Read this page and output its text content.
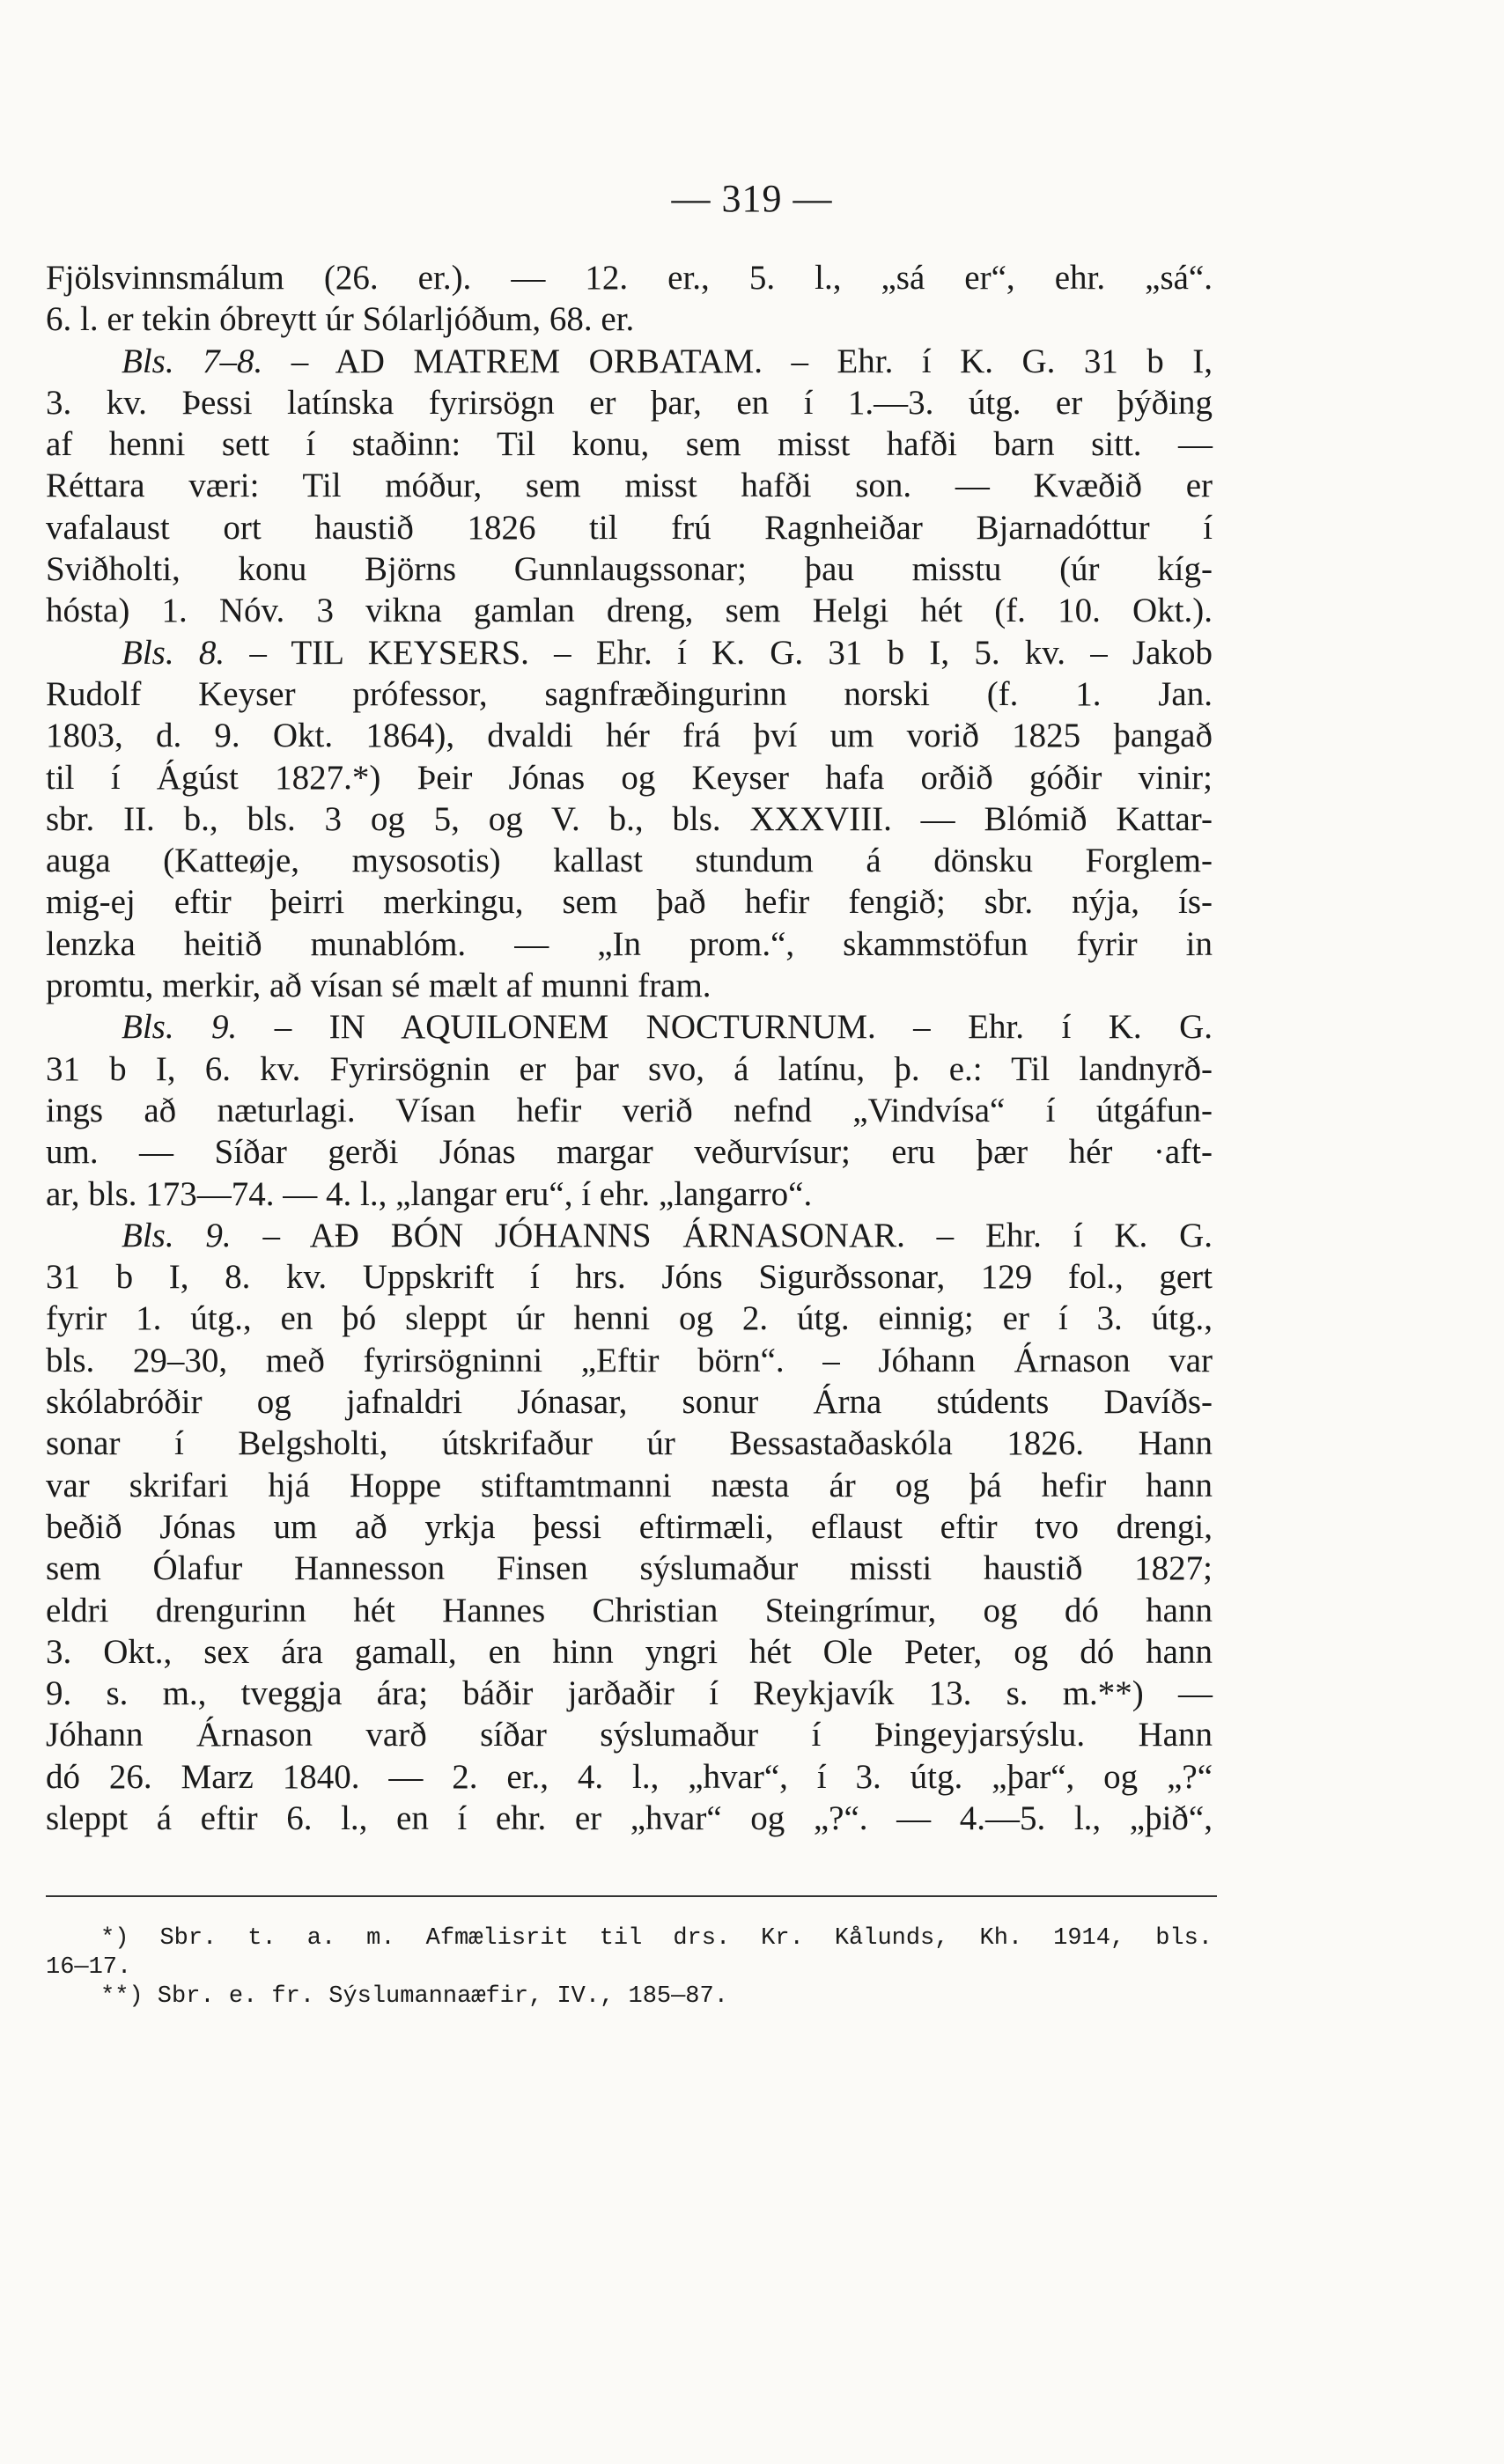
— 319 —
Fjölsvinnsmálum (26. er.). — 12. er., 5. l., „sá er“, ehr. „sá“.
6. l. er tekin óbreytt úr Sólarljóðum, 68. er.
Bls. 7–8. – AD MATREM ORBATAM. – Ehr. í K. G. 31 b I,
3. kv. Þessi latínska fyrirsögn er þar, en í 1.—3. útg. er þýðing
af henni sett í staðinn: Til konu, sem misst hafði barn sitt. —
Réttara væri: Til móður, sem misst hafði son. — Kvæðið er
vafalaust ort haustið 1826 til frú Ragnheiðar Bjarnadóttur í
Sviðholti, konu Björns Gunnlaugssonar; þau misstu (úr kíg-
hósta) 1. Nóv. 3 vikna gamlan dreng, sem Helgi hét (f. 10. Okt.).
Bls. 8. – TIL KEYSERS. – Ehr. í K. G. 31 b I, 5. kv. – Jakob
Rudolf Keyser prófessor, sagnfræðingurinn norski (f. 1. Jan.
1803, d. 9. Okt. 1864), dvaldi hér frá því um vorið 1825 þangað
til í Ágúst 1827.*) Þeir Jónas og Keyser hafa orðið góðir vinir;
sbr. II. b., bls. 3 og 5, og V. b., bls. XXXVIII. — Blómið Kattar-
auga (Katteøje, mysosotis) kallast stundum á dönsku Forglem-
mig-ej eftir þeirri merkingu, sem það hefir fengið; sbr. nýja, ís-
lenzka heitið munablóm. — „In prom.“, skammstöfun fyrir in
promtu, merkir, að vísan sé mælt af munni fram.
Bls. 9. – IN AQUILONEM NOCTURNUM. – Ehr. í K. G.
31 b I, 6. kv. Fyrirsögnin er þar svo, á latínu, þ. e.: Til landnyrð-
ings að næturlagi. Vísan hefir verið nefnd „Vindvísa“ í útgáfun-
um. — Síðar gerði Jónas margar veðurvísur; eru þær hér ·aft-
ar, bls. 173—74. — 4. l., „langar eru“, í ehr. „langarro“.
Bls. 9. – AÐ BÓN JÓHANNS ÁRNASONAR. – Ehr. í K. G.
31 b I, 8. kv. Uppskrift í hrs. Jóns Sigurðssonar, 129 fol., gert
fyrir 1. útg., en þó sleppt úr henni og 2. útg. einnig; er í 3. útg.,
bls. 29–30, með fyrirsögninni „Eftir börn“. – Jóhann Árnason var
skólabróðir og jafnaldri Jónasar, sonur Árna stúdents Davíðs-
sonar í Belgsholti, útskrifaður úr Bessastaðaskóla 1826. Hann
var skrifari hjá Hoppe stiftamtmanni næsta ár og þá hefir hann
beðið Jónas um að yrkja þessi eftirmæli, eflaust eftir tvo drengi,
sem Ólafur Hannesson Finsen sýslumaður missti haustið 1827;
eldri drengurinn hét Hannes Christian Steingrímur, og dó hann
3. Okt., sex ára gamall, en hinn yngri hét Ole Peter, og dó hann
9. s. m., tveggja ára; báðir jarðaðir í Reykjavík 13. s. m.**) —
Jóhann Árnason varð síðar sýslumaður í Þingeyjarsýslu. Hann
dó 26. Marz 1840. — 2. er., 4. l., „hvar“, í 3. útg. „þar“, og „?“
sleppt á eftir 6. l., en í ehr. er „hvar“ og „?“. — 4.—5. l., „þið“,
*) Sbr. t. a. m. Afmælisrit til drs. Kr. Kålunds, Kh. 1914, bls.
16—17.
**) Sbr. e. fr. Sýslumannaæfir, IV., 185—87.
